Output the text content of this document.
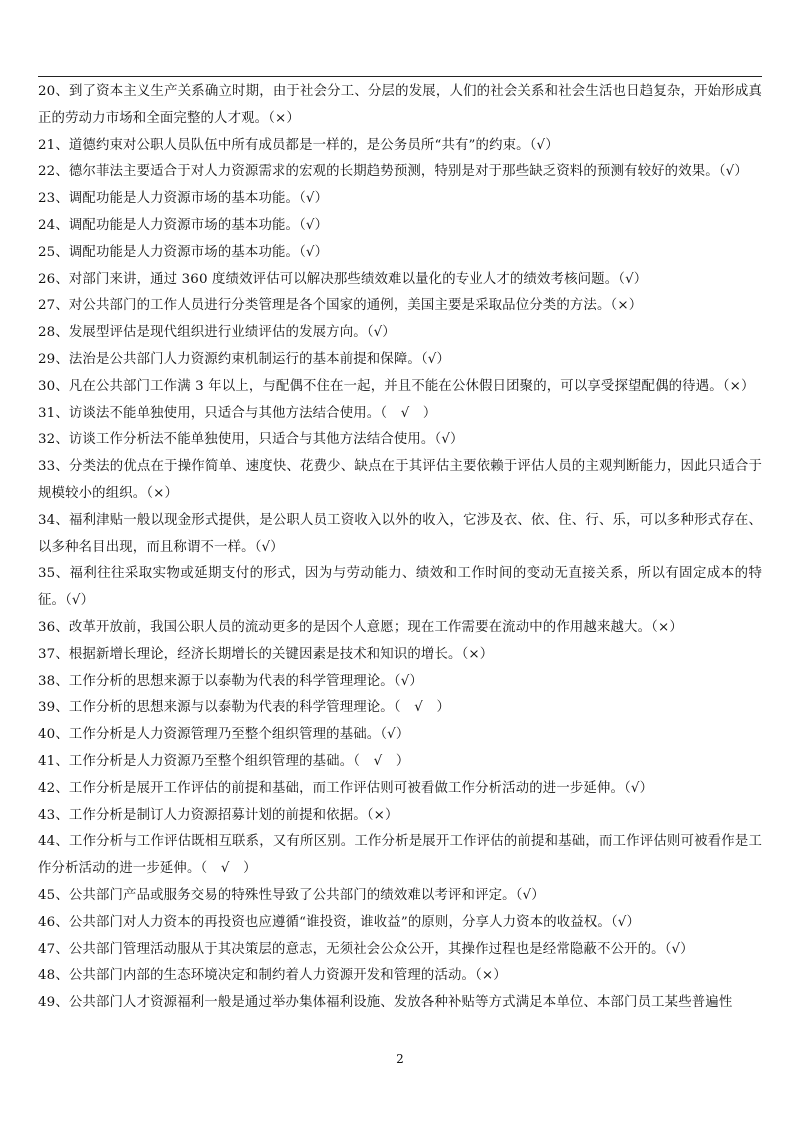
20、到了资本主义生产关系确立时期，由于社会分工、分层的发展，人们的社会关系和社会生活也日趋复杂，开始形成真正的劳动力市场和全面完整的人才观。（×）

21、道德约束对公职人员队伍中所有成员都是一样的，是公务员所“共有”的约束。（√）

22、德尔菲法主要适合于对人力资源需求的宏观的长期趋势预测，特别是对于那些缺乏资料的预测有较好的效果。（√）

23、调配功能是人力资源市场的基本功能。（√）

24、调配功能是人力资源市场的基本功能。（√）

25、调配功能是人力资源市场的基本功能。（√）

26、对部门来讲，通过 360 度绩效评估可以解决那些绩效难以量化的专业人才的绩效考核问题。（√）

27、对公共部门的工作人员进行分类管理是各个国家的通例，美国主要是采取品位分类的方法。（×）

28、发展型评估是现代组织进行业绩评估的发展方向。（√）

29、法治是公共部门人力资源约束机制运行的基本前提和保障。（√）

30、凡在公共部门工作满 3 年以上，与配偶不住在一起，并且不能在公休假日团聚的，可以享受探望配偶的待遇。（×）

31、访谈法不能单独使用，只适合与其他方法结合使用。（　√　）

32、访谈工作分析法不能单独使用，只适合与其他方法结合使用。（√）

33、分类法的优点在于操作简单、速度快、花费少、缺点在于其评估主要依赖于评估人员的主观判断能力，因此只适合于规模较小的组织。（×）

34、福利津贴一般以现金形式提供，是公职人员工资收入以外的收入，它涉及衣、依、住、行、乐，可以多种形式存在、以多种名目出现，而且称谓不一样。（√）

35、福利往往采取实物或延期支付的形式，因为与劳动能力、绩效和工作时间的变动无直接关系，所以有固定成本的特征。（√）

36、改革开放前，我国公职人员的流动更多的是因个人意愿；现在工作需要在流动中的作用越来越大。（×）

37、根据新增长理论，经济长期增长的关键因素是技术和知识的增长。（×）

38、工作分析的思想来源于以泰勒为代表的科学管理理论。（√）

39、工作分析的思想来源与以泰勒为代表的科学管理理论。（　√　）

40、工作分析是人力资源管理乃至整个组织管理的基础。（√）

41、工作分析是人力资源乃至整个组织管理的基础。（　√　）

42、工作分析是展开工作评估的前提和基础，而工作评估则可被看做工作分析活动的进一步延伸。（√）

43、工作分析是制订人力资源招募计划的前提和依据。（×）

44、工作分析与工作评估既相互联系，又有所区别。工作分析是展开工作评估的前提和基础，而工作评估则可被看作是工作分析活动的进一步延伸。（　√　）

45、公共部门产品或服务交易的特殊性导致了公共部门的绩效难以考评和评定。（√）

46、公共部门对人力资本的再投资也应遵循“谁投资，谁收益”的原则，分享人力资本的收益权。（√）

47、公共部门管理活动服从于其决策层的意志，无须社会公众公开，其操作过程也是经常隐蔽不公开的。（√）

48、公共部门内部的生态环境决定和制约着人力资源开发和管理的活动。（×）

49、公共部门人才资源福利一般是通过举办集体福利设施、发放各种补贴等方式满足本单位、本部门员工某些普遍性

2
